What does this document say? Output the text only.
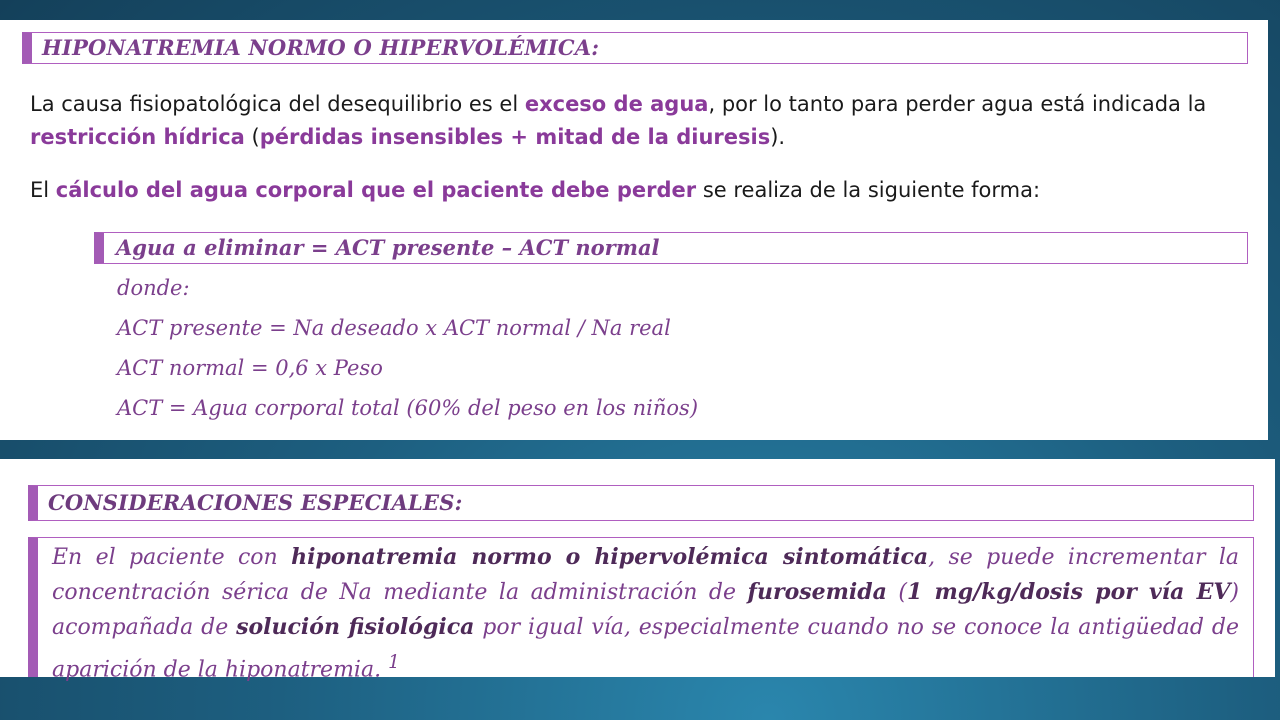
HIPONATREMIA NORMO O HIPERVOLÉMICA:
La causa fisiopatológica del desequilibrio es el exceso de agua, por lo tanto para perder agua está indicada la restricción hídrica (pérdidas insensibles + mitad de la diuresis).
El cálculo del agua corporal que el paciente debe perder se realiza de la siguiente forma:
Agua a eliminar = ACT presente – ACT normal
donde:
ACT presente = Na deseado x ACT normal / Na real
ACT normal = 0,6 x Peso
ACT = Agua corporal total (60% del peso en los niños)
CONSIDERACIONES ESPECIALES:
En el paciente con hiponatremia normo o hipervolémica sintomática, se puede incrementar la concentración sérica de Na mediante la administración de furosemida (1 mg/kg/dosis por vía EV) acompañada de solución fisiológica por igual vía, especialmente cuando no se conoce la antigüedad de aparición de la hiponatremia. $^1$
